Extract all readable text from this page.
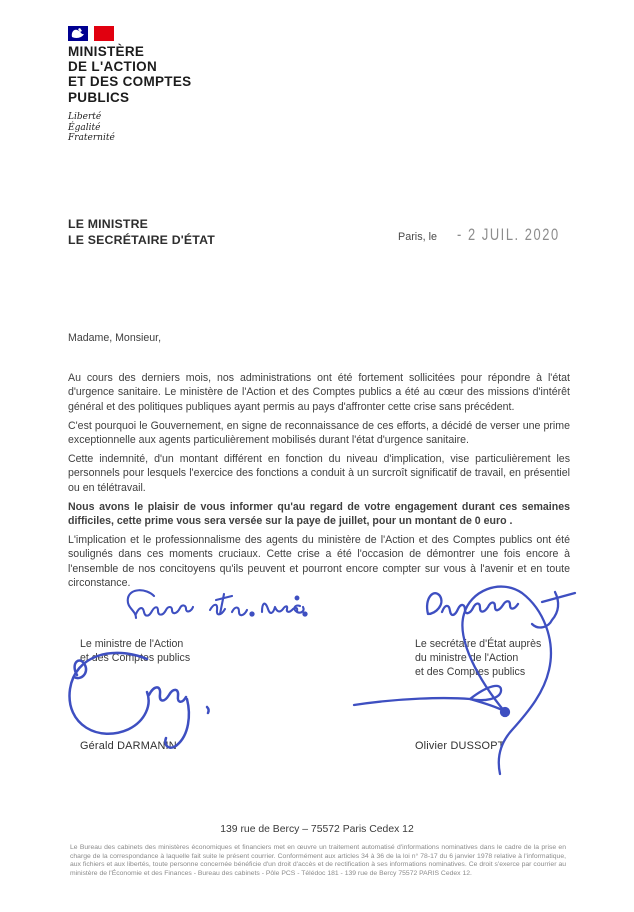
MINISTÈRE
DE L'ACTION
ET DES COMPTES
PUBLICS
Liberté
Égalité
Fraternité
LE MINISTRE
LE SECRÉTAIRE D'ÉTAT	Paris, le - 2 JUIL. 2020

Madame, Monsieur,

Au cours des derniers mois, nos administrations ont été fortement sollicitées pour répondre à l'état d'urgence sanitaire. Le ministère de l'Action et des Comptes publics a été au cœur des missions d'intérêt général et des politiques publiques ayant permis au pays d'affronter cette crise sans précédent.

C'est pourquoi le Gouvernement, en signe de reconnaissance de ces efforts, a décidé de verser une prime exceptionnelle aux agents particulièrement mobilisés durant l'état d'urgence sanitaire.

Cette indemnité, d'un montant différent en fonction du niveau d'implication, vise particulièrement les personnels pour lesquels l'exercice des fonctions a conduit à un surcroît significatif de travail, en présentiel ou en télétravail.

Nous avons le plaisir de vous informer qu'au regard de votre engagement durant ces semaines difficiles, cette prime vous sera versée sur la paye de juillet, pour un montant de 0 euro .

L'implication et le professionnalisme des agents du ministère de l'Action et des Comptes publics ont été soulignés dans ces moments cruciaux. Cette crise a été l'occasion de démontrer une fois encore à l'ensemble de nos concitoyens qu'ils peuvent et pourront encore compter sur vous à l'avenir et en toute circonstance.

Le ministre de l'Action
et des Comptes publics
Le secrétaire d'État auprès
du ministre de l'Action
et des Comptes publics
Gérald DARMANIN	Olivier DUSSOPT
139 rue de Bercy – 75572 Paris Cedex 12
Le Bureau des cabinets des ministères économiques et financiers met en œuvre un traitement automatisé d'informations nominatives dans le cadre de la prise en charge de la correspondance à laquelle fait suite le présent courrier. Conformément aux articles 34 à 36 de la loi n° 78-17 du 6 janvier 1978 relative à l'informatique, aux fichiers et aux libertés, toute personne concernée bénéficie d'un droit d'accès et de rectification à ses informations nominatives. Ce droit s'exerce par courrier au ministère de l'Économie et des Finances - Bureau des cabinets - Pôle PCS - Télédoc 181 - 139 rue de Bercy 75572 PARIS Cedex 12.
